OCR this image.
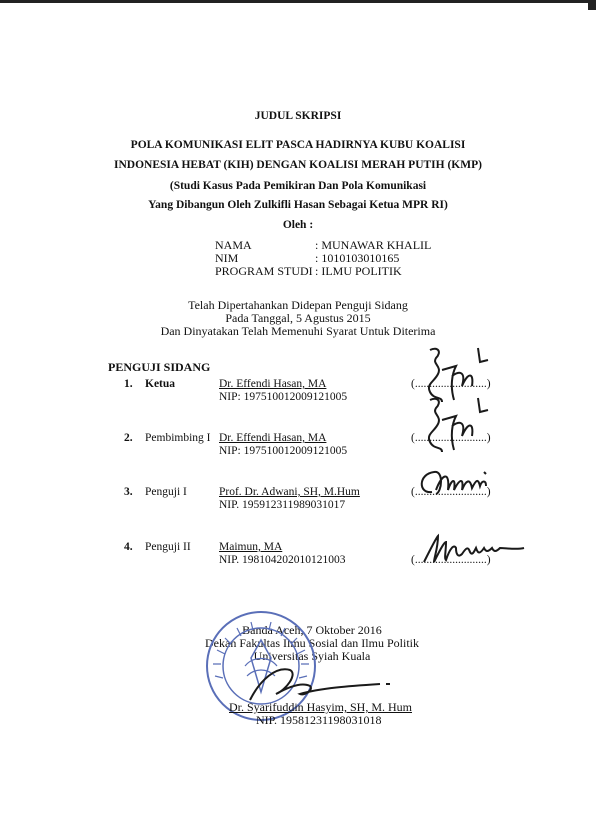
JUDUL SKRIPSI
POLA KOMUNIKASI ELIT PASCA HADIRNYA KUBU KOALISI
INDONESIA HEBAT (KIH) DENGAN KOALISI MERAH PUTIH (KMP)
(Studi Kasus Pada Pemikiran Dan Pola Komunikasi
Yang Dibangun Oleh Zulkifli Hasan Sebagai Ketua MPR RI)
Oleh :
NAMA	: MUNAWAR KHALIL
NIM	: 1010103010165
PROGRAM STUDI : ILMU POLITIK
Telah Dipertahankan Didepan Penguji Sidang
Pada Tanggal, 5 Agustus 2015
Dan Dinyatakan Telah Memenuhi Syarat Untuk Diterima
PENGUJI SIDANG
1. Ketua	Dr. Effendi Hasan, MA
NIP: 197510012009121005
(.........................)
2. Pembimbing I Dr. Effendi Hasan, MA
NIP: 197510012009121005
(.........................)
3. Penguji I	Prof. Dr. Adwani, SH, M.Hum
NIP. 195912311989031017
(.........................)
4. Penguji II Maimun, MA
NIP. 198104202010121003	(.........................)
Banda Aceh, 7 Oktober 2016
Dekan Fakultas Ilmu Sosial dan Ilmu Politik
Universitas Syiah Kuala
Dr. Syarifuddin Hasyim, SH, M. Hum
NIP. 19581231198031018
